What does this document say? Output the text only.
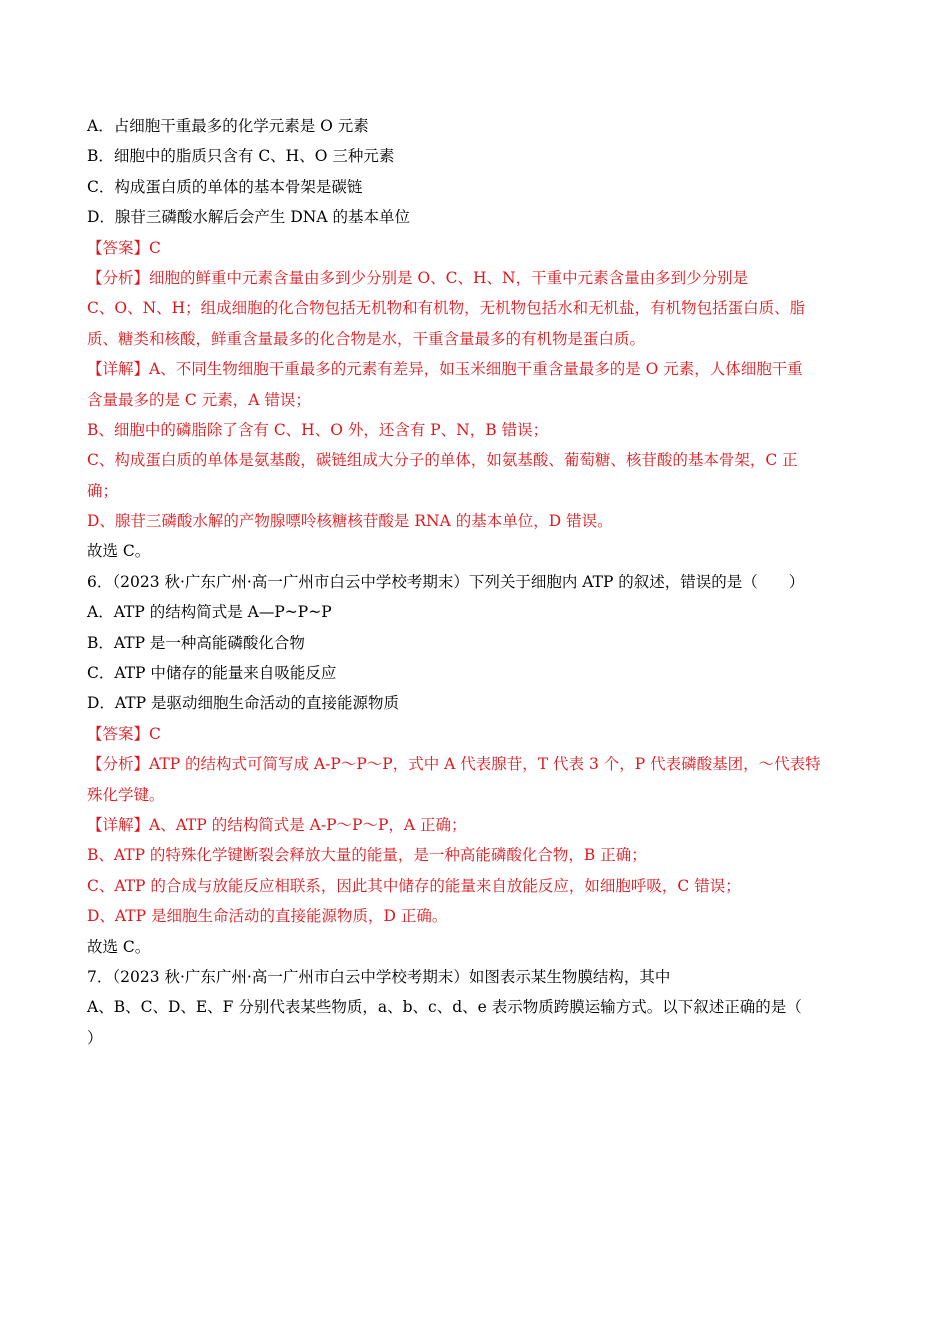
A．占细胞干重最多的化学元素是 O 元素
B．细胞中的脂质只含有 C、H、O 三种元素
C．构成蛋白质的单体的基本骨架是碳链
D．腺苷三磷酸水解后会产生 DNA 的基本单位
【答案】C
【分析】细胞的鲜重中元素含量由多到少分别是 O、C、H、N，干重中元素含量由多到少分别是
C、O、N、H；组成细胞的化合物包括无机物和有机物，无机物包括水和无机盐，有机物包括蛋白质、脂
质、糖类和核酸，鲜重含量最多的化合物是水，干重含量最多的有机物是蛋白质。
【详解】A、不同生物细胞干重最多的元素有差异，如玉米细胞干重含量最多的是 O 元素，人体细胞干重
含量最多的是 C 元素，A 错误；
B、细胞中的磷脂除了含有 C、H、O 外，还含有 P、N，B 错误；
C、构成蛋白质的单体是氨基酸，碳链组成大分子的单体，如氨基酸、葡萄糖、核苷酸的基本骨架，C 正
确；
D、腺苷三磷酸水解的产物腺嘌呤核糖核苷酸是 RNA 的基本单位，D 错误。
故选 C。
6．（2023 秋·广东广州·高一广州市白云中学校考期末）下列关于细胞内 ATP 的叙述，错误的是（　　）
A．ATP 的结构简式是 A—P~P~P
B．ATP 是一种高能磷酸化合物
C．ATP 中储存的能量来自吸能反应
D．ATP 是驱动细胞生命活动的直接能源物质
【答案】C
【分析】ATP 的结构式可简写成 A-P～P～P，式中 A 代表腺苷，T 代表 3 个，P 代表磷酸基团，～代表特
殊化学键。
【详解】A、ATP 的结构简式是 A-P～P～P，A 正确；
B、ATP 的特殊化学键断裂会释放大量的能量，是一种高能磷酸化合物，B 正确；
C、ATP 的合成与放能反应相联系，因此其中储存的能量来自放能反应，如细胞呼吸，C 错误；
D、ATP 是细胞生命活动的直接能源物质，D 正确。
故选 C。
7．（2023 秋·广东广州·高一广州市白云中学校考期末）如图表示某生物膜结构，其中
A、B、C、D、E、F 分别代表某些物质，a、b、c、d、e 表示物质跨膜运输方式。以下叙述正确的是（
）
